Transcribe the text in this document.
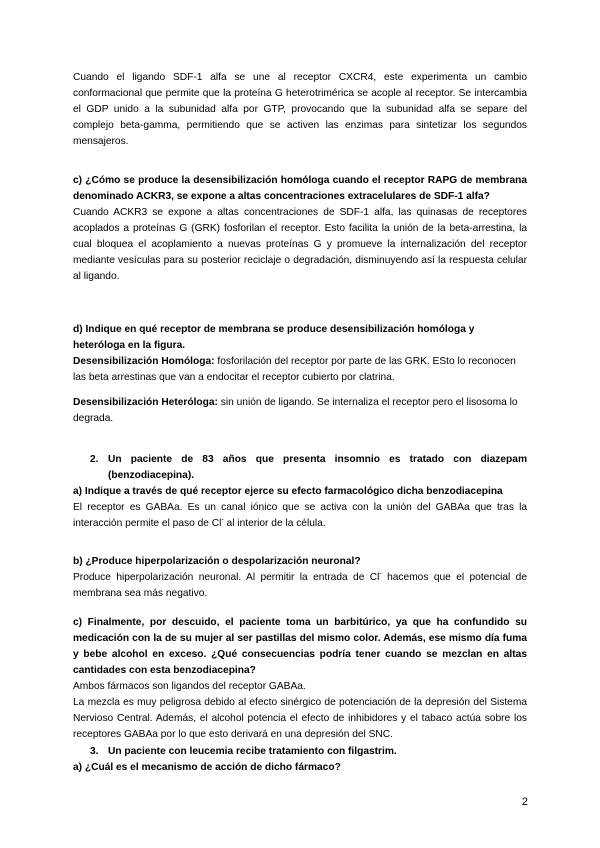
Cuando el ligando SDF-1 alfa se une al receptor CXCR4, este experimenta un cambio conformacional que permite que la proteína G heterotrimérica se acople al receptor. Se intercambia el GDP unido a la subunidad alfa por GTP, provocando que la subunidad alfa se separe del complejo beta-gamma, permitiendo que se activen las enzimas para sintetizar los segundos mensajeros.

c) ¿Cómo se produce la desensibilización homóloga cuando el receptor RAPG de membrana denominado ACKR3, se expone a altas concentraciones extracelulares de SDF-1 alfa?

Cuando ACKR3 se expone a altas concentraciones de SDF-1 alfa, las quinasas de receptores acoplados a proteínas G (GRK) fosforilan el receptor. Esto facilita la unión de la beta-arrestina, la cual bloquea el acoplamiento a nuevas proteínas G y promueve la internalización del receptor mediante vesículas para su posterior reciclaje o degradación, disminuyendo así la respuesta celular al ligando.

d) Indique en qué receptor de membrana se produce desensibilización homóloga y heteróloga en la figura.

Desensibilización Homóloga: fosforilación del receptor por parte de las GRK. ESto lo reconocen las beta arrestinas que van a endocitar el receptor cubierto por clatrina.

Desensibilización Heteróloga: sin unión de ligando. Se internaliza el receptor pero el lisosoma lo degrada.

2. Un paciente de 83 años que presenta insomnio es tratado con diazepam (benzodiacepina).

a) Indique a través de qué receptor ejerce su efecto farmacológico dicha benzodiacepina

El receptor es GABAa. Es un canal iónico que se activa con la unión del GABAa que tras la interacción permite el paso de Cl- al interior de la célula.

b) ¿Produce hiperpolarización o despolarización neuronal?

Produce hiperpolarización neuronal. Al permitir la entrada de Cl- hacemos que el potencial de membrana sea más negativo.

c) Finalmente, por descuido, el paciente toma un barbitúrico, ya que ha confundido su medicación con la de su mujer al ser pastillas del mismo color. Además, ese mismo día fuma y bebe alcohol en exceso. ¿Qué consecuencias podría tener cuando se mezclan en altas cantidades con esta benzodiacepina?

Ambos fármacos son ligandos del receptor GABAa.

La mezcla es muy peligrosa debido al efecto sinérgico de potenciación de la depresión del Sistema Nervioso Central. Además, el alcohol potencia el efecto de inhibidores y el tabaco actúa sobre los receptores GABAa por lo que esto derivará en una depresión del SNC.

3. Un paciente con leucemia recibe tratamiento con filgastrim.

a) ¿Cuál es el mecanismo de acción de dicho fármaco?

2
